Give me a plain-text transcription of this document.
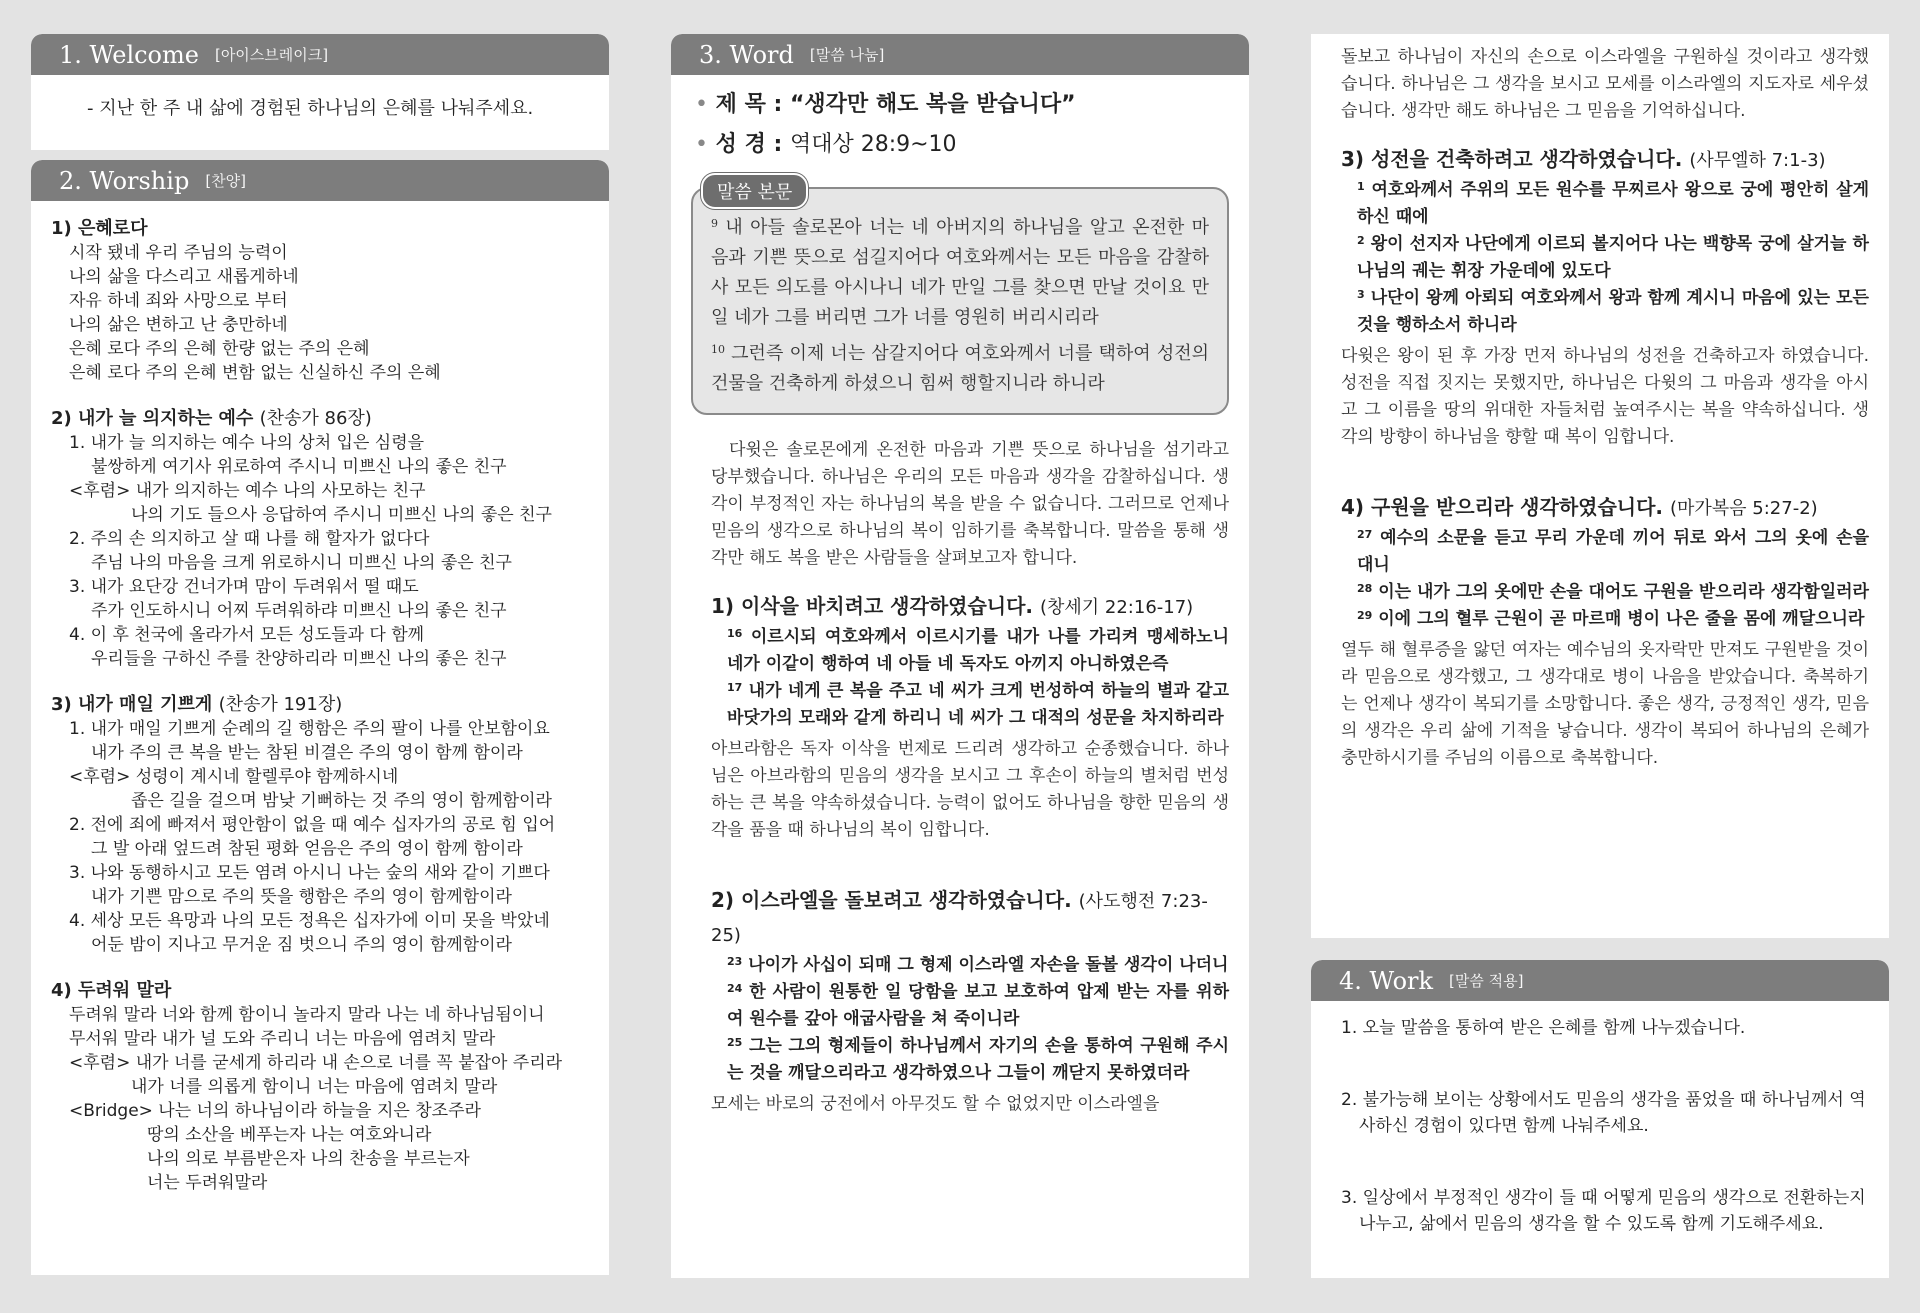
1. Welcome [아이스브레이크]
- 지난 한 주 내 삶에 경험된 하나님의 은혜를 나눠주세요.
2. Worship [찬양]
1) 은혜로다
시작 됐네 우리 주님의 능력이
나의 삶을 다스리고 새롭게하네
자유 하네 죄와 사망으로 부터
나의 삶은 변하고 난 충만하네
은혜 로다 주의 은혜 한량 없는 주의 은혜
은혜 로다 주의 은혜 변함 없는 신실하신 주의 은혜
2) 내가 늘 의지하는 예수 (찬송가 86장)
1. 내가 늘 의지하는 예수 나의 상처 입은 심령을
불쌍하게 여기사 위로하여 주시니 미쁘신 나의 좋은 친구
<후렴> 내가 의지하는 예수 나의 사모하는 친구
나의 기도 들으사 응답하여 주시니 미쁘신 나의 좋은 친구
2. 주의 손 의지하고 살 때 나를 해 할자가 없다다
주님 나의 마음을 크게 위로하시니 미쁘신 나의 좋은 친구
3. 내가 요단강 건너가며 맘이 두려워서 떨 때도
주가 인도하시니 어찌 두려워하랴 미쁘신 나의 좋은 친구
4. 이 후 천국에 올라가서 모든 성도들과 다 함께
우리들을 구하신 주를 찬양하리라 미쁘신 나의 좋은 친구
3) 내가 매일 기쁘게 (찬송가 191장)
1. 내가 매일 기쁘게 순례의 길 행함은 주의 팔이 나를 안보함이요
내가 주의 큰 복을 받는 참된 비결은 주의 영이 함께 함이라
<후렴> 성령이 계시네 할렐루야 함께하시네
좁은 길을 걸으며 밤낮 기뻐하는 것 주의 영이 함께함이라
2. 전에 죄에 빠져서 평안함이 없을 때 예수 십자가의 공로 힘 입어
그 발 아래 엎드려 참된 평화 얻음은 주의 영이 함께 함이라
3. 나와 동행하시고 모든 염려 아시니 나는 숲의 새와 같이 기쁘다
내가 기쁜 맘으로 주의 뜻을 행함은 주의 영이 함께함이라
4. 세상 모든 욕망과 나의 모든 정욕은 십자가에 이미 못을 박았네
어둔 밤이 지나고 무거운 짐 벗으니 주의 영이 함께함이라
4) 두려워 말라
두려워 말라 너와 함께 함이니 놀라지 말라 나는 네 하나님됨이니
무서워 말라 내가 널 도와 주리니 너는 마음에 염려치 말라
<후렴> 내가 너를 굳세게 하리라 내 손으로 너를 꼭 붙잡아 주리라
내가 너를 의롭게 함이니 너는 마음에 염려치 말라
<Bridge> 나는 너의 하나님이라 하늘을 지은 창조주라
땅의 소산을 베푸는자 나는 여호와니라
나의 의로 부름받은자 나의 찬송을 부르는자
너는 두려워말라
3. Word [말씀 나눔]
• 제 목 : “생각만 해도 복을 받습니다”
• 성 경 : 역대상 28:9~10
말씀 본문
$^9$ 내 아들 솔로몬아 너는 네 아버지의 하나님을 알고 온전한 마음과 기쁜 뜻으로 섬길지어다 여호와께서는 모든 마음을 감찰하사 모든 의도를 아시나니 네가 만일 그를 찾으면 만날 것이요 만일 네가 그를 버리면 그가 너를 영원히 버리시리라
$^{10}$ 그런즉 이제 너는 삼갈지어다 여호와께서 너를 택하여 성전의 건물을 건축하게 하셨으니 힘써 행할지니라 하니라
다윗은 솔로몬에게 온전한 마음과 기쁜 뜻으로 하나님을 섬기라고 당부했습니다. 하나님은 우리의 모든 마음과 생각을 감찰하십니다. 생각이 부정적인 자는 하나님의 복을 받을 수 없습니다. 그러므로 언제나 믿음의 생각으로 하나님의 복이 임하기를 축복합니다. 말씀을 통해 생각만 해도 복을 받은 사람들을 살펴보고자 합니다.
1) 이삭을 바치려고 생각하였습니다. (창세기 22:16-17)
$^{16}$ 이르시되 여호와께서 이르시기를 내가 나를 가리켜 맹세하노니 네가 이같이 행하여 네 아들 네 독자도 아끼지 아니하였은즉
$^{17}$ 내가 네게 큰 복을 주고 네 씨가 크게 번성하여 하늘의 별과 같고 바닷가의 모래와 같게 하리니 네 씨가 그 대적의 성문을 차지하리라
아브라함은 독자 이삭을 번제로 드리려 생각하고 순종했습니다. 하나님은 아브라함의 믿음의 생각을 보시고 그 후손이 하늘의 별처럼 번성하는 큰 복을 약속하셨습니다. 능력이 없어도 하나님을 향한 믿음의 생각을 품을 때 하나님의 복이 임합니다.
2) 이스라엘을 돌보려고 생각하였습니다. (사도행전 7:23-25)
$^{23}$ 나이가 사십이 되매 그 형제 이스라엘 자손을 돌볼 생각이 나더니
$^{24}$ 한 사람이 원통한 일 당함을 보고 보호하여 압제 받는 자를 위하여 원수를 갚아 애굽사람을 쳐 죽이니라
$^{25}$ 그는 그의 형제들이 하나님께서 자기의 손을 통하여 구원해 주시는 것을 깨달으리라고 생각하였으나 그들이 깨닫지 못하였더라
모세는 바로의 궁전에서 아무것도 할 수 없었지만 이스라엘을
돌보고 하나님이 자신의 손으로 이스라엘을 구원하실 것이라고 생각했습니다. 하나님은 그 생각을 보시고 모세를 이스라엘의 지도자로 세우셨습니다. 생각만 해도 하나님은 그 믿음을 기억하십니다.
3) 성전을 건축하려고 생각하였습니다. (사무엘하 7:1-3)
$^1$ 여호와께서 주위의 모든 원수를 무찌르사 왕으로 궁에 평안히 살게 하신 때에
$^2$ 왕이 선지자 나단에게 이르되 볼지어다 나는 백향목 궁에 살거늘 하나님의 궤는 휘장 가운데에 있도다
$^3$ 나단이 왕께 아뢰되 여호와께서 왕과 함께 계시니 마음에 있는 모든 것을 행하소서 하니라
다윗은 왕이 된 후 가장 먼저 하나님의 성전을 건축하고자 하였습니다. 성전을 직접 짓지는 못했지만, 하나님은 다윗의 그 마음과 생각을 아시고 그 이름을 땅의 위대한 자들처럼 높여주시는 복을 약속하십니다. 생각의 방향이 하나님을 향할 때 복이 임합니다.
4) 구원을 받으리라 생각하였습니다. (마가복음 5:27-2)
$^{27}$ 예수의 소문을 듣고 무리 가운데 끼어 뒤로 와서 그의 옷에 손을 대니
$^{28}$ 이는 내가 그의 옷에만 손을 대어도 구원을 받으리라 생각함일러라
$^{29}$ 이에 그의 혈루 근원이 곧 마르매 병이 나은 줄을 몸에 깨달으니라
열두 해 혈루증을 앓던 여자는 예수님의 옷자락만 만져도 구원받을 것이라 믿음으로 생각했고, 그 생각대로 병이 나음을 받았습니다. 축복하기는 언제나 생각이 복되기를 소망합니다. 좋은 생각, 긍정적인 생각, 믿음의 생각은 우리 삶에 기적을 낳습니다. 생각이 복되어 하나님의 은혜가 충만하시기를 주님의 이름으로 축복합니다.
4. Work [말씀 적용]
1. 오늘 말씀을 통하여 받은 은혜를 함께 나누겠습니다.
2. 불가능해 보이는 상황에서도 믿음의 생각을 품었을 때 하나님께서 역사하신 경험이 있다면 함께 나눠주세요.
3. 일상에서 부정적인 생각이 들 때 어떻게 믿음의 생각으로 전환하는지 나누고, 삶에서 믿음의 생각을 할 수 있도록 함께 기도해주세요.
